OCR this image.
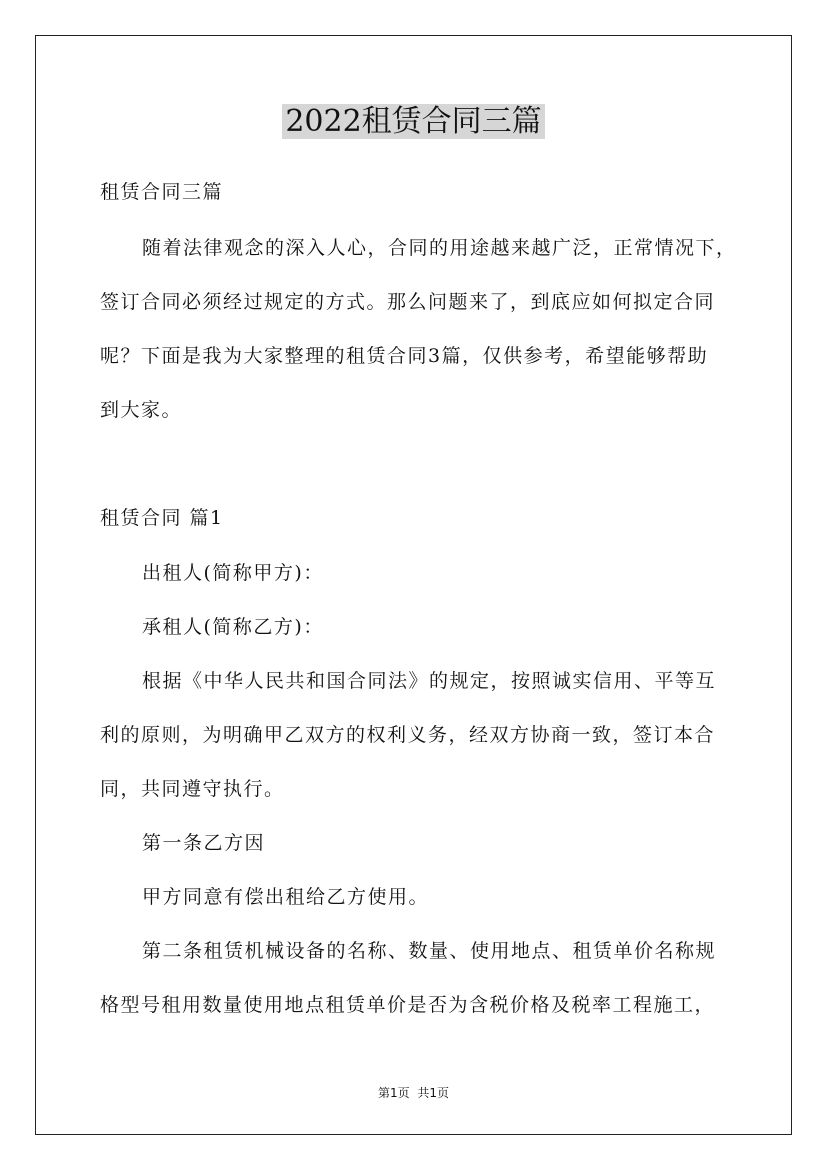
2022租赁合同三篇
租赁合同三篇
随着法律观念的深入人心，合同的用途越来越广泛，正常情况下，
签订合同必须经过规定的方式。那么问题来了，到底应如何拟定合同
呢？下面是我为大家整理的租赁合同3篇，仅供参考，希望能够帮助
到大家。
租赁合同 篇1
出租人(简称甲方)：
承租人(简称乙方)：
根据《中华人民共和国合同法》的规定，按照诚实信用、平等互
利的原则，为明确甲乙双方的权利义务，经双方协商一致，签订本合
同，共同遵守执行。
第一条乙方因
甲方同意有偿出租给乙方使用。
第二条租赁机械设备的名称、数量、使用地点、租赁单价名称规
格型号租用数量使用地点租赁单价是否为含税价格及税率工程施工，
第1页 共1页
